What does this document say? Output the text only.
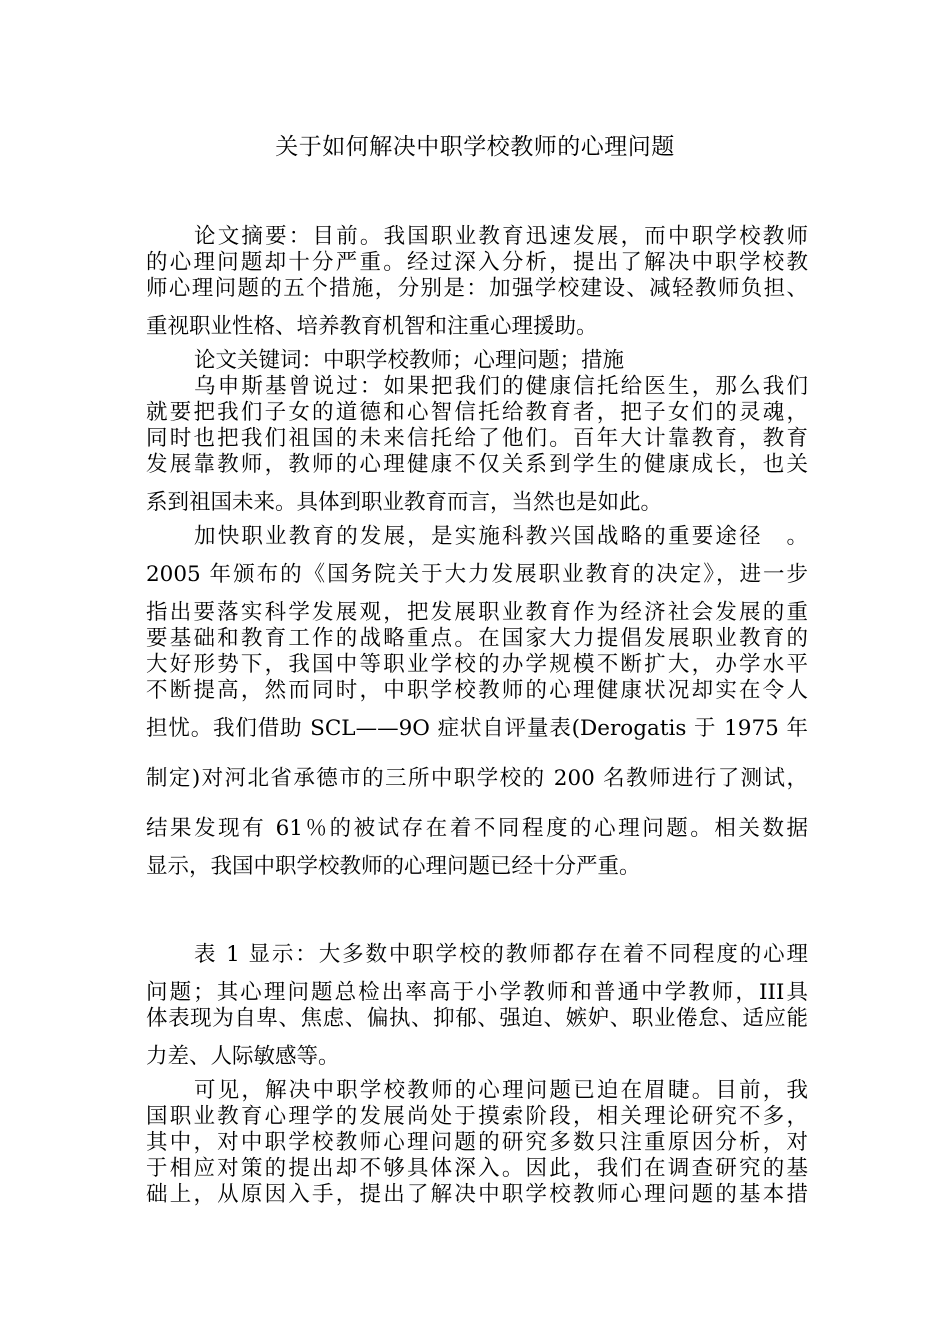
关于如何解决中职学校教师的心理问题
论文摘要：目前。我国职业教育迅速发展，而中职学校教师
的心理问题却十分严重。经过深入分析，提出了解决中职学校教
师心理问题的五个措施，分别是：加强学校建设、减轻教师负担、
重视职业性格、培养教育机智和注重心理援助。
论文关键词：中职学校教师；心理问题；措施
乌申斯基曾说过：如果把我们的健康信托给医生，那么我们
就要把我们子女的道德和心智信托给教育者，把子女们的灵魂，
同时也把我们祖国的未来信托给了他们。百年大计靠教育，教育
发展靠教师，教师的心理健康不仅关系到学生的健康成长，也关
系到祖国未来。具体到职业教育而言，当然也是如此。
加快职业教育的发展，是实施科教兴国战略的重要途径　。
2005 年颁布的《国务院关于大力发展职业教育的决定》，进一步
指出要落实科学发展观，把发展职业教育作为经济社会发展的重
要基础和教育工作的战略重点。在国家大力提倡发展职业教育的
大好形势下，我国中等职业学校的办学规模不断扩大，办学水平
不断提高，然而同时，中职学校教师的心理健康状况却实在令人
担忧。我们借助 SCL——9O 症状自评量表(Derogatis 于 1975 年
制定)对河北省承德市的三所中职学校的 200 名教师进行了测试，
结果发现有 61％的被试存在着不同程度的心理问题。相关数据
显示，我国中职学校教师的心理问题已经十分严重。
表 1 显示：大多数中职学校的教师都存在着不同程度的心理
问题；其心理问题总检出率高于小学教师和普通中学教师，III具
体表现为自卑、焦虑、偏执、抑郁、强迫、嫉妒、职业倦怠、适应能
力差、人际敏感等。
可见，解决中职学校教师的心理问题已迫在眉睫。目前，我
国职业教育心理学的发展尚处于摸索阶段，相关理论研究不多，
其中，对中职学校教师心理问题的研究多数只注重原因分析，对
于相应对策的提出却不够具体深入。因此，我们在调查研究的基
础上，从原因入手，提出了解决中职学校教师心理问题的基本措
